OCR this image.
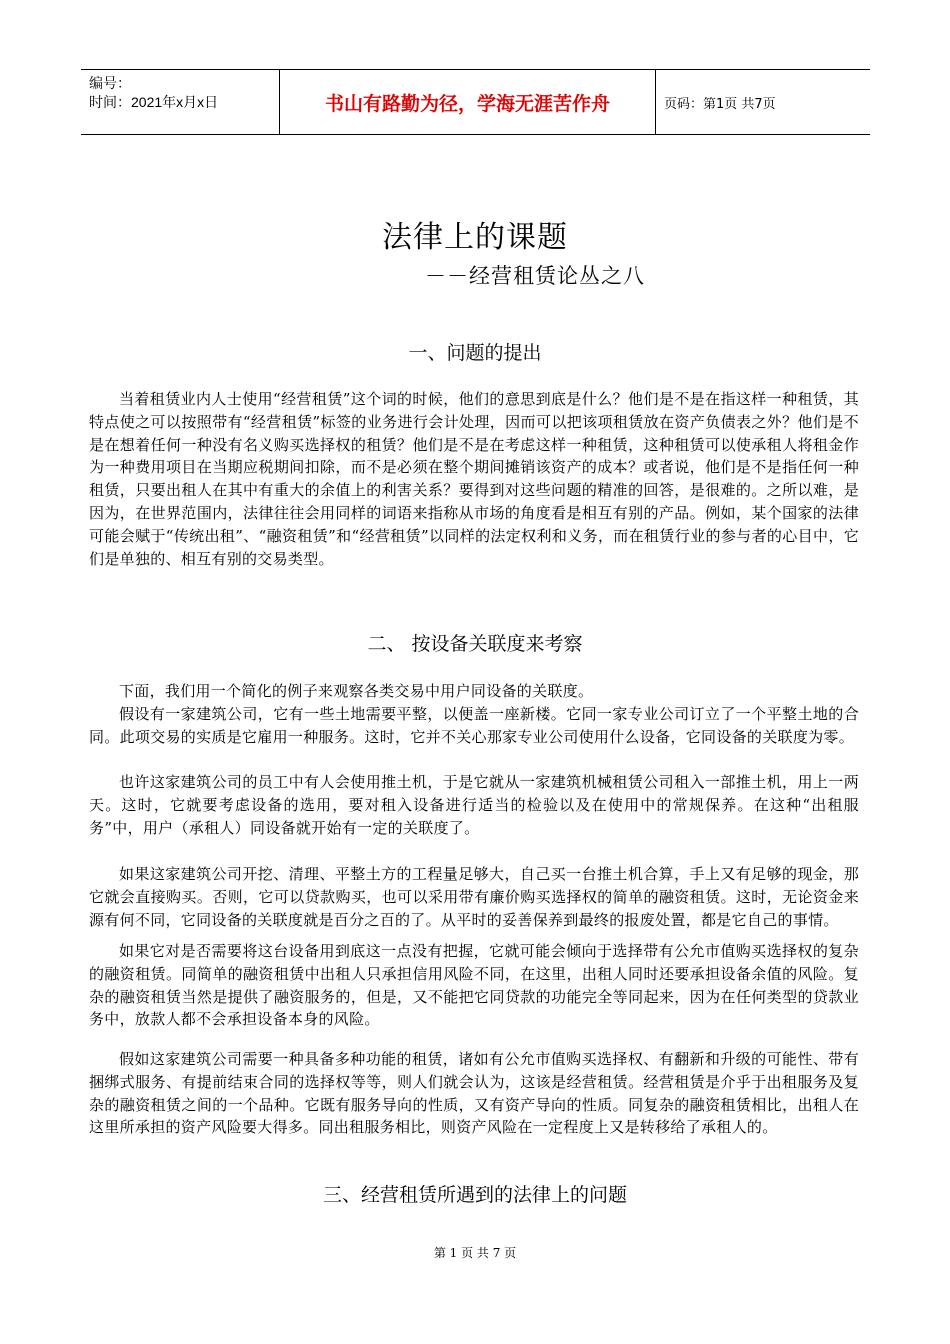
编号：
时间：2021年x月x日	书山有路勤为径，学海无涯苦作舟	页码：第1页 共7页
法律上的课题
－－经营租赁论丛之八
一、问题的提出

当着租赁业内人士使用“经营租赁”这个词的时候，他们的意思到底是什么？他们是不是在指这样一种租赁，其特点使之可以按照带有“经营租赁”标签的业务进行会计处理，因而可以把该项租赁放在资产负债表之外？他们是不是在想着任何一种没有名义购买选择权的租赁？他们是不是在考虑这样一种租赁，这种租赁可以使承租人将租金作为一种费用项目在当期应税期间扣除，而不是必须在整个期间摊销该资产的成本？或者说，他们是不是指任何一种租赁，只要出租人在其中有重大的余值上的利害关系？要得到对这些问题的精准的回答，是很难的。之所以难，是因为，在世界范围内，法律往往会用同样的词语来指称从市场的角度看是相互有别的产品。例如，某个国家的法律可能会赋于“传统出租”、“融资租赁”和“经营租赁”以同样的法定权利和义务，而在租赁行业的参与者的心目中，它们是单独的、相互有别的交易类型。

二、 按设备关联度来考察

下面，我们用一个简化的例子来观察各类交易中用户同设备的关联度。

假设有一家建筑公司，它有一些土地需要平整，以便盖一座新楼。它同一家专业公司订立了一个平整土地的合同。此项交易的实质是它雇用一种服务。这时，它并不关心那家专业公司使用什么设备，它同设备的关联度为零。

也许这家建筑公司的员工中有人会使用推土机，于是它就从一家建筑机械租赁公司租入一部推土机，用上一两天。这时，它就要考虑设备的选用，要对租入设备进行适当的检验以及在使用中的常规保养。在这种“出租服务”中，用户（承租人）同设备就开始有一定的关联度了。

如果这家建筑公司开挖、清理、平整土方的工程量足够大，自己买一台推土机合算，手上又有足够的现金，那它就会直接购买。否则，它可以贷款购买，也可以采用带有廉价购买选择权的简单的融资租赁。这时，无论资金来源有何不同，它同设备的关联度就是百分之百的了。从平时的妥善保养到最终的报废处置，都是它自己的事情。

如果它对是否需要将这台设备用到底这一点没有把握，它就可能会倾向于选择带有公允市值购买选择权的复杂的融资租赁。同简单的融资租赁中出租人只承担信用风险不同，在这里，出租人同时还要承担设备余值的风险。复杂的融资租赁当然是提供了融资服务的，但是，又不能把它同贷款的功能完全等同起来，因为在任何类型的贷款业务中，放款人都不会承担设备本身的风险。

假如这家建筑公司需要一种具备多种功能的租赁，诸如有公允市值购买选择权、有翻新和升级的可能性、带有捆绑式服务、有提前结束合同的选择权等等，则人们就会认为，这该是经营租赁。经营租赁是介乎于出租服务及复杂的融资租赁之间的一个品种。它既有服务导向的性质，又有资产导向的性质。同复杂的融资租赁相比，出租人在这里所承担的资产风险要大得多。同出租服务相比，则资产风险在一定程度上又是转移给了承租人的。

三、经营租赁所遇到的法律上的问题
第 1 页 共 7 页
